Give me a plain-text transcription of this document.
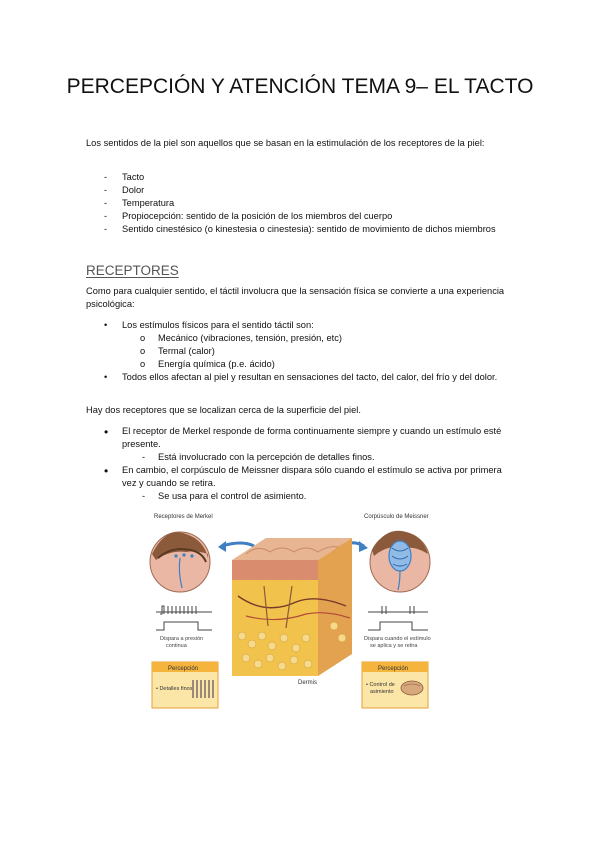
PERCEPCIÓN Y ATENCIÓN TEMA 9– EL TACTO

Los sentidos de la piel son aquellos que se basan en la estimulación de los receptores de la piel:

- Tacto
- Dolor
- Temperatura
- Propiocepción: sentido de la posición de los miembros del cuerpo
- Sentido cinestésico (o kinestesia o cinestesia): sentido de movimiento de dichos miembros
RECEPTORES

Como para cualquier sentido, el táctil involucra que la sensación física se convierte a una experiencia psicológica:

• Los estímulos físicos para el sentido táctil son:
o Mecánico (vibraciones, tensión, presión, etc)
o Termal (calor)
o Energía química (p.e. ácido)
• Todos ellos afectan al piel y resultan en sensaciones del tacto, del calor, del frío y del dolor.

Hay dos receptores que se localizan cerca de la superficie del piel.

• El receptor de Merkel responde de forma continuamente siempre y cuando un estímulo esté presente.
- Está involucrado con la percepción de detalles finos.
• En cambio, el corpúsculo de Meissner dispara sólo cuando el estímulo se activa por primera vez y cuando se retira.
- Se usa para el control de asimiento.
Receptores de Merkel	Corpúsculo de Meissner
Dermis
Dispara a presión
continua
Dispara cuando el estímulo
se aplica y se retira
Percepción
• Detalles finos
Percepción
• Control de
asimiento
